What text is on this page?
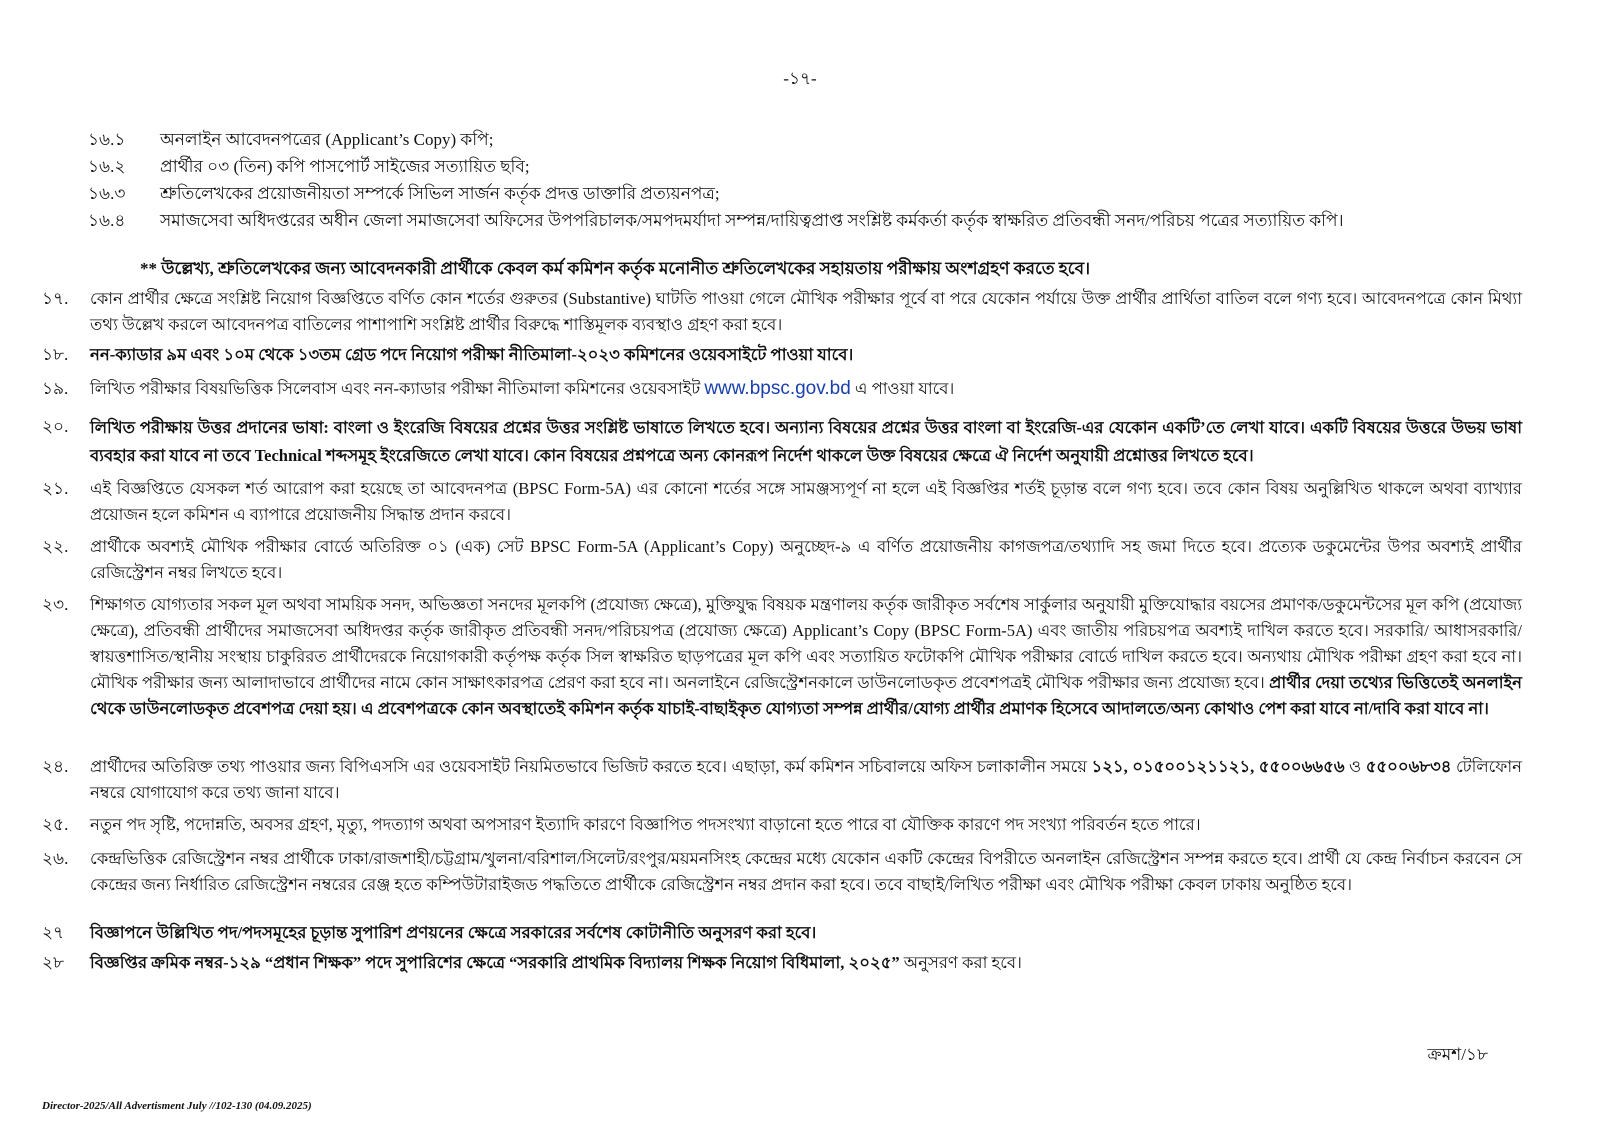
-১৭-
১৬.১	অনলাইন আবেদনপত্রের (Applicant’s Copy) কপি;
১৬.২	প্রার্থীর ০৩ (তিন) কপি পাসপোর্ট সাইজের সত্যায়িত ছবি;
১৬.৩	শ্রুতিলেখকের প্রয়োজনীয়তা সম্পর্কে সিভিল সার্জন কর্তৃক প্রদত্ত ডাক্তারি প্রত্যয়নপত্র;
১৬.৪	সমাজসেবা অধিদপ্তরের অধীন জেলা সমাজসেবা অফিসের উপপরিচালক/সমপদমর্যাদা সম্পন্ন/দায়িত্বপ্রাপ্ত সংশ্লিষ্ট কর্মকর্তা কর্তৃক স্বাক্ষরিত প্রতিবন্ধী সনদ/পরিচয় পত্রের সত্যায়িত কপি।
** উল্লেখ্য, শ্রুতিলেখকের জন্য আবেদনকারী প্রার্থীকে কেবল কর্ম কমিশন কর্তৃক মনোনীত শ্রুতিলেখকের সহায়তায় পরীক্ষায় অংশগ্রহণ করতে হবে।
১৭.	কোন প্রার্থীর ক্ষেত্রে সংশ্লিষ্ট নিয়োগ বিজ্ঞপ্তিতে বর্ণিত কোন শর্তের গুরুতর (Substantive) ঘাটতি পাওয়া গেলে মৌখিক পরীক্ষার পূর্বে বা পরে যেকোন পর্যায়ে উক্ত প্রার্থীর প্রার্থিতা বাতিল বলে গণ্য হবে। আবেদনপত্রে কোন মিথ্যা তথ্য উল্লেখ করলে আবেদনপত্র বাতিলের পাশাপাশি সংশ্লিষ্ট প্রার্থীর বিরুদ্ধে শাস্তিমূলক ব্যবস্থাও গ্রহণ করা হবে।
১৮.	নন-ক্যাডার ৯ম এবং ১০ম থেকে ১৩তম গ্রেড পদে নিয়োগ পরীক্ষা নীতিমালা-২০২৩ কমিশনের ওয়েবসাইটে পাওয়া যাবে।
১৯.	লিখিত পরীক্ষার বিষয়ভিত্তিক সিলেবাস এবং নন-ক্যাডার পরীক্ষা নীতিমালা কমিশনের ওয়েবসাইট www.bpsc.gov.bd এ পাওয়া যাবে।
২০.	লিখিত পরীক্ষায় উত্তর প্রদানের ভাষা: বাংলা ও ইংরেজি বিষয়ের প্রশ্নের উত্তর সংশ্লিষ্ট ভাষাতে লিখতে হবে। অন্যান্য বিষয়ের প্রশ্নের উত্তর বাংলা বা ইংরেজি-এর যেকোন একটি’তে লেখা যাবে। একটি বিষয়ের উত্তরে উভয় ভাষা ব্যবহার করা যাবে না তবে Technical শব্দসমূহ ইংরেজিতে লেখা যাবে। কোন বিষয়ের প্রশ্নপত্রে অন্য কোনরূপ নির্দেশ থাকলে উক্ত বিষয়ের ক্ষেত্রে ঐ নির্দেশ অনুযায়ী প্রশ্নোত্তর লিখতে হবে।
২১.	এই বিজ্ঞপ্তিতে যেসকল শর্ত আরোপ করা হয়েছে তা আবেদনপত্র (BPSC Form-5A) এর কোনো শর্তের সঙ্গে সামঞ্জস্যপূর্ণ না হলে এই বিজ্ঞপ্তির শর্তই চূড়ান্ত বলে গণ্য হবে। তবে কোন বিষয় অনুল্লিখিত থাকলে অথবা ব্যাখ্যার প্রয়োজন হলে কমিশন এ ব্যাপারে প্রয়োজনীয় সিদ্ধান্ত প্রদান করবে।
২২.	প্রার্থীকে অবশ্যই মৌখিক পরীক্ষার বোর্ডে অতিরিক্ত ০১ (এক) সেট BPSC Form-5A (Applicant’s Copy) অনুচ্ছেদ-৯ এ বর্ণিত প্রয়োজনীয় কাগজপত্র/তথ্যাদি সহ জমা দিতে হবে। প্রত্যেক ডকুমেন্টের উপর অবশ্যই প্রার্থীর রেজিস্ট্রেশন নম্বর লিখতে হবে।
২৩.	শিক্ষাগত যোগ্যতার সকল মূল অথবা সাময়িক সনদ, অভিজ্ঞতা সনদের মূলকপি (প্রযোজ্য ক্ষেত্রে), মুক্তিযুদ্ধ বিষয়ক মন্ত্রণালয় কর্তৃক জারীকৃত সর্বশেষ সার্কুলার অনুযায়ী মুক্তিযোদ্ধার বয়সের প্রমাণক/ডকুমেন্টসের মূল কপি (প্রযোজ্য ক্ষেত্রে), প্রতিবন্ধী প্রার্থীদের সমাজসেবা অধিদপ্তর কর্তৃক জারীকৃত প্রতিবন্ধী সনদ/পরিচয়পত্র (প্রযোজ্য ক্ষেত্রে) Applicant’s Copy (BPSC Form-5A) এবং জাতীয় পরিচয়পত্র অবশ্যই দাখিল করতে হবে। সরকারি/ আধাসরকারি/স্বায়ত্তশাসিত/স্থানীয় সংস্থায় চাকুরিরত প্রার্থীদেরকে নিয়োগকারী কর্তৃপক্ষ কর্তৃক সিল স্বাক্ষরিত ছাড়পত্রের মূল কপি এবং সত্যায়িত ফটোকপি মৌখিক পরীক্ষার বোর্ডে দাখিল করতে হবে। অন্যথায় মৌখিক পরীক্ষা গ্রহণ করা হবে না। মৌখিক পরীক্ষার জন্য আলাদাভাবে প্রার্থীদের নামে কোন সাক্ষাৎকারপত্র প্রেরণ করা হবে না। অনলাইনে রেজিস্ট্রেশনকালে ডাউনলোডকৃত প্রবেশপত্রই মৌখিক পরীক্ষার জন্য প্রযোজ্য হবে। প্রার্থীর দেয়া তথ্যের ভিত্তিতেই অনলাইন থেকে ডাউনলোডকৃত প্রবেশপত্র দেয়া হয়। এ প্রবেশপত্রকে কোন অবস্থাতেই কমিশন কর্তৃক যাচাই-বাছাইকৃত যোগ্যতা সম্পন্ন প্রার্থীর/যোগ্য প্রার্থীর প্রমাণক হিসেবে আদালতে/অন্য কোথাও পেশ করা যাবে না/দাবি করা যাবে না।
২৪.	প্রার্থীদের অতিরিক্ত তথ্য পাওয়ার জন্য বিপিএসসি এর ওয়েবসাইট নিয়মিতভাবে ভিজিট করতে হবে। এছাড়া, কর্ম কমিশন সচিবালয়ে অফিস চলাকালীন সময়ে ১২১, ০১৫০০১২১১২১, ৫৫০০৬৬৫৬ ও ৫৫০০৬৮৩৪ টেলিফোন নম্বরে যোগাযোগ করে তথ্য জানা যাবে।
২৫.	নতুন পদ সৃষ্টি, পদোন্নতি, অবসর গ্রহণ, মৃত্যু, পদত্যাগ অথবা অপসারণ ইত্যাদি কারণে বিজ্ঞাপিত পদসংখ্যা বাড়ানো হতে পারে বা যৌক্তিক কারণে পদ সংখ্যা পরিবর্তন হতে পারে।
২৬.	কেন্দ্রভিত্তিক রেজিস্ট্রেশন নম্বর প্রার্থীকে ঢাকা/রাজশাহী/চট্টগ্রাম/খুলনা/বরিশাল/সিলেট/রংপুর/ময়মনসিংহ কেন্দ্রের মধ্যে যেকোন একটি কেন্দ্রের বিপরীতে অনলাইন রেজিস্ট্রেশন সম্পন্ন করতে হবে। প্রার্থী যে কেন্দ্র নির্বাচন করবেন সে কেন্দ্রের জন্য নির্ধারিত রেজিস্ট্রেশন নম্বরের রেঞ্জ হতে কম্পিউটারাইজড পদ্ধতিতে প্রার্থীকে রেজিস্ট্রেশন নম্বর প্রদান করা হবে। তবে বাছাই/লিখিত পরীক্ষা এবং মৌখিক পরীক্ষা কেবল ঢাকায় অনুষ্ঠিত হবে।
২৭	বিজ্ঞাপনে উল্লিখিত পদ/পদসমূহের চূড়ান্ত সুপারিশ প্রণয়নের ক্ষেত্রে সরকারের সর্বশেষ কোটানীতি অনুসরণ করা হবে।
২৮	বিজ্ঞপ্তির ক্রমিক নম্বর-১২৯ “প্রধান শিক্ষক” পদে সুপারিশের ক্ষেত্রে “সরকারি প্রাথমিক বিদ্যালয় শিক্ষক নিয়োগ বিধিমালা, ২০২৫” অনুসরণ করা হবে।
ক্রমশ/১৮
Director-2025/All Advertisment July //102-130 (04.09.2025)
